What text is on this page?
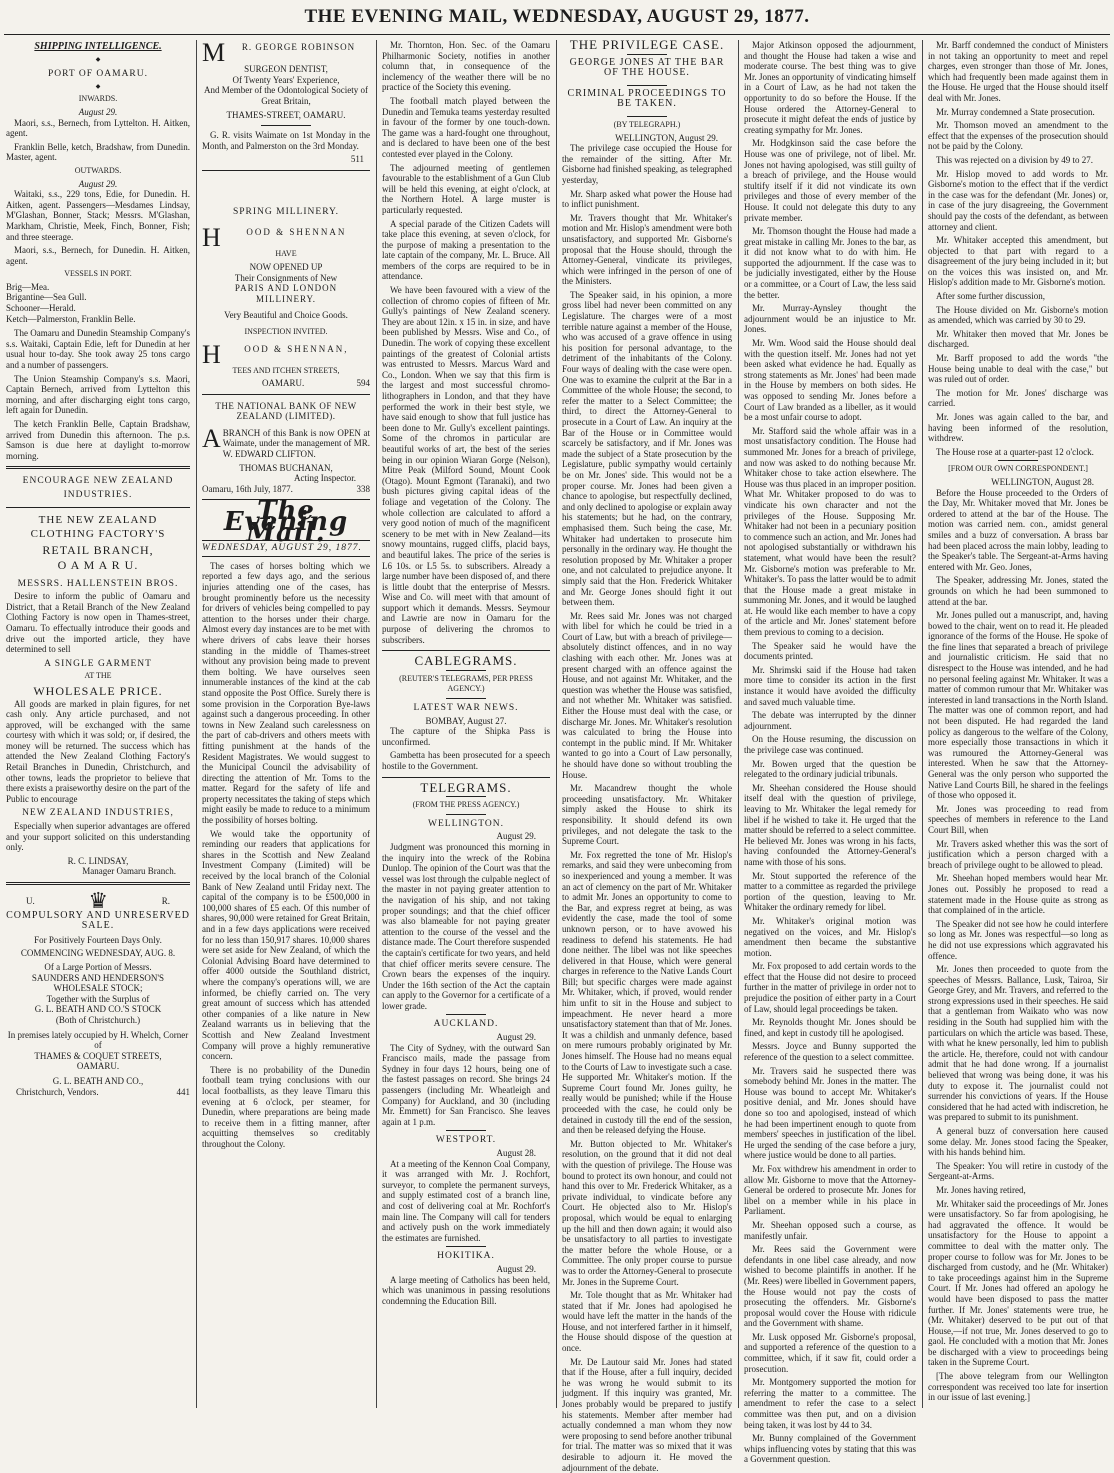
THE EVENING MAIL, WEDNESDAY, AUGUST 29, 1877.
SHIPPING INTELLIGENCE.
◆
PORT OF OAMARU.
◆
INWARDS.
August 29.

Maori, s.s., Bernech, from Lyttelton. H. Aitken, agent.

Franklin Belle, ketch, Bradshaw, from Dunedin. Master, agent.

OUTWARDS.
August 29.

Waitaki, s.s., 229 tons, Edie, for Dunedin. H. Aitken, agent. Passengers—Mesdames Lindsay, M'Glashan, Bonner, Stack; Messrs. M'Glashan, Markham, Christie, Meek, Finch, Bonner, Fish; and three steerage.

Maori, s.s., Bernech, for Dunedin. H. Aitken, agent.

VESSELS IN PORT.
Brig—Mea.
Brigantine—Sea Gull.
Schooner—Herald.
Ketch—Palmerston, Franklin Belle.

The Oamaru and Dunedin Steamship Company's s.s. Waitaki, Captain Edie, left for Dunedin at her usual hour to-day. She took away 25 tons cargo and a number of passengers.

The Union Steamship Company's s.s. Maori, Captain Bernech, arrived from Lyttelton this morning, and after discharging eight tons cargo, left again for Dunedin.

The ketch Franklin Belle, Captain Bradshaw, arrived from Dunedin this afternoon. The p.s. Samson is due here at daylight to-morrow morning.

ENCOURAGE NEW ZEALAND INDUSTRIES.
THE NEW ZEALAND CLOTHING FACTORY'S
RETAIL BRANCH,
O A M A R U.
MESSRS. HALLENSTEIN BROS.

Desire to inform the public of Oamaru and District, that a Retail Branch of the New Zealand Clothing Factory is now open in Thames-street, Oamaru. To effectually introduce their goods and drive out the imported article, they have determined to sell

A SINGLE GARMENT
AT THE
WHOLESALE PRICE.

All goods are marked in plain figures, for net cash only. Any article purchased, and not approved, will be exchanged with the same courtesy with which it was sold; or, if desired, the money will be returned. The success which has attended the New Zealand Clothing Factory's Retail Branches in Dunedin, Christchurch, and other towns, leads the proprietor to believe that there exists a praiseworthy desire on the part of the Public to encourage

NEW ZEALAND INDUSTRIES,

Especially when superior advantages are offered and your support solicited on this understanding only.

R. C. LINDSAY,
Manager Oamaru Branch.
U. ♛	R.
COMPULSORY AND UNRESERVED SALE.
For Positively Fourteen Days Only.
COMMENCING WEDNESDAY, AUG. 8.
Of a Large Portion of Messrs.
SAUNDERS AND HENDERSON'S
WHOLESALE STOCK;
Together with the Surplus of
G. L. BEATH AND CO.'S STOCK
(Both of Christchurch.)
In premises lately occupied by H. Whelch, Corner of
THAMES & COQUET STREETS,
OAMARU.
G. L. BEATH AND CO.,
Christchurch, Vendors.	441
M	R. GEORGE ROBINSON
SURGEON DENTIST,
Of Twenty Years' Experience,
And Member of the Odontological Society of Great Britain,
THAMES-STREET, OAMARU.

G. R. visits Waimate on 1st Monday in the Month, and Palmerston on the 3rd Monday.

511
SPRING MILLINERY.
H	OOD & SHENNAN
HAVE
NOW OPENED UP
Their Consignments of New
PARIS AND LONDON
MILLINERY.
Very Beautiful and Choice Goods.
INSPECTION INVITED.
H	OOD & SHENNAN,
TEES AND ITCHEN STREETS,
OAMARU.	594
THE NATIONAL BANK OF NEW ZEALAND (LIMITED).
A BRANCH of this Bank is now OPEN at Waimate, under the management of MR. W. EDWARD CLIFTON.

THOMAS BUCHANAN,
Acting Inspector.
Oamaru, 16th July, 1877.	338
The Evening Mail.
WEDNESDAY, AUGUST 29, 1877.

The cases of horses bolting which we reported a few days ago, and the serious injuries attending one of the cases, has brought prominently before us the necessity for drivers of vehicles being compelled to pay attention to the horses under their charge. Almost every day instances are to be met with where drivers of cabs leave their horses standing in the middle of Thames-street without any provision being made to prevent them bolting. We have ourselves seen innumerable instances of the kind at the cab stand opposite the Post Office. Surely there is some provision in the Corporation Bye-laws against such a dangerous proceeding. In other towns in New Zealand such carelessness on the part of cab-drivers and others meets with fitting punishment at the hands of the Resident Magistrates. We would suggest to the Municipal Council the advisability of directing the attention of Mr. Toms to the matter. Regard for the safety of life and property necessitates the taking of steps which might easily be made to reduce to a minimum the possibility of horses bolting.

We would take the opportunity of reminding our readers that applications for shares in the Scottish and New Zealand Investment Company (Limited) will be received by the local branch of the Colonial Bank of New Zealand until Friday next. The capital of the company is to be £500,000 in 100,000 shares of £5 each. Of this number of shares, 90,000 were retained for Great Britain, and in a few days applications were received for no less than 150,917 shares. 10,000 shares were set aside for New Zealand, of which the Colonial Advising Board have determined to offer 4000 outside the Southland district, where the company's operations will, we are informed, be chiefly carried on. The very great amount of success which has attended other companies of a like nature in New Zealand warrants us in believing that the Scottish and New Zealand Investment Company will prove a highly remunerative concern.

There is no probability of the Dunedin football team trying conclusions with our local footballists, as they leave Timaru this evening at 6 o'clock, per steamer, for Dunedin, where preparations are being made to receive them in a fitting manner, after acquitting themselves so creditably throughout the Colony.

Mr. Thornton, Hon. Sec. of the Oamaru Philharmonic Society, notifies in another column that, in consequence of the inclemency of the weather there will be no practice of the Society this evening.

The football match played between the Dunedin and Temuka teams yesterday resulted in favour of the former by one touch-down. The game was a hard-fought one throughout, and is declared to have been one of the best contested ever played in the Colony.

The adjourned meeting of gentlemen favourable to the establishment of a Gun Club will be held this evening, at eight o'clock, at the Northern Hotel. A large muster is particularly requested.

A special parade of the Citizen Cadets will take place this evening, at seven o'clock, for the purpose of making a presentation to the late captain of the company, Mr. L. Bruce. All members of the corps are required to be in attendance.

We have been favoured with a view of the collection of chromo copies of fifteen of Mr. Gully's paintings of New Zealand scenery. They are about 12in. x 15 in. in size, and have been published by Messrs. Wise and Co., of Dunedin. The work of copying these excellent paintings of the greatest of Colonial artists was entrusted to Messrs. Marcus Ward and Co., London. When we say that this firm is the largest and most successful chromo-lithographers in London, and that they have performed the work in their best style, we have said enough to show that full justice has been done to Mr. Gully's excellent paintings. Some of the chromos in particular are beautiful works of art, the best of the series being in our opinion Wiaran Gorge (Nelson), Mitre Peak (Milford Sound, Mount Cook (Otago). Mount Egmont (Taranaki), and two bush pictures giving capital ideas of the foliage and vegetation of the Colony. The whole collection are calculated to afford a very good notion of much of the magnificent scenery to be met with in New Zealand—its snowy mountains, rugged cliffs, placid bays, and beautiful lakes. The price of the series is L6 10s. or L5 5s. to subscribers. Already a large number have been disposed of, and there is little doubt that the enterprise of Messrs. Wise and Co. will meet with that amount of support which it demands. Messrs. Seymour and Lawrie are now in Oamaru for the purpose of delivering the chromos to subscribers.

CABLEGRAMS.
(REUTER'S TELEGRAMS, PER PRESS AGENCY.)
LATEST WAR NEWS.
BOMBAY, August 27.

The capture of the Shipka Pass is unconfirmed.

Gambetta has been prosecuted for a speech hostile to the Government.

TELEGRAMS.
(FROM THE PRESS AGENCY.)
WELLINGTON.
August 29.

Judgment was pronounced this morning in the inquiry into the wreck of the Robina Dunlop. The opinion of the Court was that the vessel was lost through the culpable neglect of the master in not paying greater attention to the navigation of his ship, and not taking proper soundings; and that the chief officer was also blameable for not paying greater attention to the course of the vessel and the distance made. The Court therefore suspended the captain's certificate for two years, and held that chief officer merits severe censure. The Crown bears the expenses of the inquiry. Under the 16th section of the Act the captain can apply to the Governor for a certificate of a lower grade.

AUCKLAND.
August 29.

The City of Sydney, with the outward San Francisco mails, made the passage from Sydney in four days 12 hours, being one of the fastest passages on record. She brings 24 passengers (including Mr. Wheatleigh and Company) for Auckland, and 30 (including Mr. Emmett) for San Francisco. She leaves again at 1 p.m.

WESTPORT.
August 28.

At a meeting of the Kennon Coal Company, it was arranged with Mr. J. Rochfort, surveyor, to complete the permanent surveys, and supply estimated cost of a branch line, and cost of delivering coal at Mr. Rochfort's main line. The Company will call for tenders and actively push on the work immediately the estimates are furnished.

HOKITIKA.
August 29.

A large meeting of Catholics has been held, which was unanimous in passing resolutions condemning the Education Bill.

THE PRIVILEGE CASE.
GEORGE JONES AT THE BAR OF THE HOUSE.
CRIMINAL PROCEEDINGS TO BE TAKEN.
(BY TELEGRAPH.)
WELLINGTON, August 29.

The privilege case occupied the House for the remainder of the sitting. After Mr. Gisborne had finished speaking, as telegraphed yesterday,

Mr. Sharp asked what power the House had to inflict punishment.

Mr. Travers thought that Mr. Whitaker's motion and Mr. Hislop's amendment were both unsatisfactory, and supported Mr. Gisborne's proposal that the House should, through the Attorney-General, vindicate its privileges, which were infringed in the person of one of the Ministers.

The Speaker said, in his opinion, a more gross libel had never been committed on any Legislature. The charges were of a most terrible nature against a member of the House, who was accused of a grave offence in using his position for personal advantage, to the detriment of the inhabitants of the Colony. Four ways of dealing with the case were open. One was to examine the culprit at the Bar in a Committee of the whole House; the second, to refer the matter to a Select Committee; the third, to direct the Attorney-General to prosecute in a Court of Law. An inquiry at the Bar of the House or in Committee would scarcely be satisfactory, and if Mr. Jones was made the subject of a State prosecution by the Legislature, public sympathy would certainly be on Mr. Jones' side. This would not be a proper course. Mr. Jones had been given a chance to apologise, but respectfully declined, and only declined to apologise or explain away his statements; but he had, on the contrary, emphasised them. Such being the case, Mr. Whitaker had undertaken to prosecute him personally in the ordinary way. He thought the resolution proposed by Mr. Whitaker a proper one, and not calculated to prejudice anyone. It simply said that the Hon. Frederick Whitaker and Mr. George Jones should fight it out between them.

Mr. Rees said Mr. Jones was not charged with libel for which he could be tried in a Court of Law, but with a breach of privilege—absolutely distinct offences, and in no way clashing with each other. Mr. Jones was at present charged with an offence against the House, and not against Mr. Whitaker, and the question was whether the House was satisfied, and not whether Mr. Whitaker was satisfied. Either the House must deal with the case, or discharge Mr. Jones. Mr. Whitaker's resolution was calculated to bring the House into contempt in the public mind. If Mr. Whitaker wanted to go into a Court of Law personally, he should have done so without troubling the House.

Mr. Macandrew thought the whole proceeding unsatisfactory. Mr. Whitaker simply asked the House to shirk its responsibility. It should defend its own privileges, and not delegate the task to the Supreme Court.

Mr. Fox regretted the tone of Mr. Hislop's remarks, and said they were unbecoming from so inexperienced and young a member. It was an act of clemency on the part of Mr. Whitaker to admit Mr. Jones an opportunity to come to the Bar, and express regret at being, as was evidently the case, made the tool of some unknown person, or to have avowed his readiness to defend his statements. He had done neither. The libel was not like speeches delivered in that House, which were general charges in reference to the Native Lands Court Bill; but specific charges were made against Mr. Whitaker, which, if proved, would render him unfit to sit in the House and subject to impeachment. He never heard a more unsatisfactory statement than that of Mr. Jones. It was a childish and unmanly defence, based on mere rumours probably originated by Mr. Jones himself. The House had no means equal to the Courts of Law to investigate such a case. He supported Mr. Whitaker's motion. If the Supreme Court found Mr. Jones guilty, he really would be punished; while if the House proceeded with the case, he could only be detained in custody till the end of the session, and then be released defying the House.

Mr. Button objected to Mr. Whitaker's resolution, on the ground that it did not deal with the question of privilege. The House was bound to protect its own honour, and could not hand this over to Mr. Frederick Whitaker, as a private individual, to vindicate before any Court. He objected also to Mr. Hislop's proposal, which would be equal to enlarging up the hill and then down again; it would also be unsatisfactory to all parties to investigate the matter before the whole House, or a Committee. The only proper course to pursue was to order the Attorney-General to prosecute Mr. Jones in the Supreme Court.

Mr. Tole thought that as Mr. Whitaker had stated that if Mr. Jones had apologised he would have left the matter in the hands of the House, and not interfered farther in it himself, the House should dispose of the question at once.

Mr. De Lautour said Mr. Jones had stated that if the House, after a full inquiry, decided he was wrong he would submit to its judgment. If this inquiry was granted, Mr. Jones probably would be prepared to justify his statements. Member after member had actually condemned a man whom they now were proposing to send before another tribunal for trial. The matter was so mixed that it was desirable to adjourn it. He moved the adjournment of the debate.

Major Atkinson opposed the adjournment, and thought the House had taken a wise and moderate course. The best thing was to give Mr. Jones an opportunity of vindicating himself in a Court of Law, as he had not taken the opportunity to do so before the House. If the House ordered the Attorney-General to prosecute it might defeat the ends of justice by creating sympathy for Mr. Jones.

Mr. Hodgkinson said the case before the House was one of privilege, not of libel. Mr. Jones not having apologised, was still guilty of a breach of privilege, and the House would stultify itself if it did not vindicate its own privileges and those of every member of the House. It could not delegate this duty to any private member.

Mr. Thomson thought the House had made a great mistake in calling Mr. Jones to the bar, as it did not know what to do with him. He supported the adjournment. If the case was to be judicially investigated, either by the House or a committee, or a Court of Law, the less said the better.

Mr. Murray-Aynsley thought the adjournment would be an injustice to Mr. Jones.

Mr. Wm. Wood said the House should deal with the question itself. Mr. Jones had not yet been asked what evidence he had. Equally as strong statements as Mr. Jones' had been made in the House by members on both sides. He was opposed to sending Mr. Jones before a Court of Law branded as a libeller, as it would be a most unfair course to adopt.

Mr. Stafford said the whole affair was in a most unsatisfactory condition. The House had summoned Mr. Jones for a breach of privilege, and now was asked to do nothing because Mr. Whitaker chose to take action elsewhere. The House was thus placed in an improper position. What Mr. Whitaker proposed to do was to vindicate his own character and not the privileges of the House. Supposing Mr. Whitaker had not been in a pecuniary position to commence such an action, and Mr. Jones had not apologised substantially or withdrawn his statement, what would have been the result? Mr. Gisborne's motion was preferable to Mr. Whitaker's. To pass the latter would be to admit that the House made a great mistake in summoning Mr. Jones, and it would be laughed at. He would like each member to have a copy of the article and Mr. Jones' statement before them previous to coming to a decision.

The Speaker said he would have the documents printed.

Mr. Shrimski said if the House had taken more time to consider its action in the first instance it would have avoided the difficulty and saved much valuable time.

The debate was interrupted by the dinner adjournment.

On the House resuming, the discussion on the privilege case was continued.

Mr. Bowen urged that the question be relegated to the ordinary judicial tribunals.

Mr. Sheehan considered the House should itself deal with the question of privilege, leaving to Mr. Whitaker the legal remedy for libel if he wished to take it. He urged that the matter should be referred to a select committee. He believed Mr. Jones was wrong in his facts, having confounded the Attorney-General's name with those of his sons.

Mr. Stout supported the reference of the matter to a committee as regarded the privilege portion of the question, leaving to Mr. Whitaker the ordinary remedy for libel.

Mr. Whitaker's original motion was negatived on the voices, and Mr. Hislop's amendment then became the substantive motion.

Mr. Fox proposed to add certain words to the effect that the House did not desire to proceed further in the matter of privilege in order not to prejudice the position of either party in a Court of Law, should legal proceedings be taken.

Mr. Reynolds thought Mr. Jones should be fined, and kept in custody till he apologised.

Messrs. Joyce and Bunny supported the reference of the question to a select committee.

Mr. Travers said he suspected there was somebody behind Mr. Jones in the matter. The House was bound to accept Mr. Whitaker's positive denial, and Mr. Jones should have done so too and apologised, instead of which he had been impertinent enough to quote from members' speeches in justification of the libel. He urged the sending of the case before a jury, where justice would be done to all parties.

Mr. Fox withdrew his amendment in order to allow Mr. Gisborne to move that the Attorney-General be ordered to prosecute Mr. Jones for libel on a member while in his place in Parliament.

Mr. Sheehan opposed such a course, as manifestly unfair.

Mr. Rees said the Government were defendants in one libel case already, and now wished to become plaintiffs in another. If he (Mr. Rees) were libelled in Government papers, the House would not pay the costs of prosecuting the offenders. Mr. Gisborne's proposal would cover the House with ridicule and the Government with shame.

Mr. Lusk opposed Mr. Gisborne's proposal, and supported a reference of the question to a committee, which, if it saw fit, could order a prosecution.

Mr. Montgomery supported the motion for referring the matter to a committee. The amendment to refer the case to a select committee was then put, and on a division being taken, it was lost by 44 to 34.

Mr. Bunny complained of the Government whips influencing votes by stating that this was a Government question.

Mr. Barff condemned the conduct of Ministers in not taking an opportunity to meet and repel charges, even stronger than those of Mr. Jones, which had frequently been made against them in the House. He urged that the House should itself deal with Mr. Jones.

Mr. Murray condemned a State prosecution.

Mr. Thomson moved an amendment to the effect that the expenses of the prosecution should not be paid by the Colony.

This was rejected on a division by 49 to 27.

Mr. Hislop moved to add words to Mr. Gisborne's motion to the effect that if the verdict in the case was for the defendant (Mr. Jones) or, in case of the jury disagreeing, the Government should pay the costs of the defendant, as between attorney and client.

Mr. Whitaker accepted this amendment, but objected to that part with regard to a disagreement of the jury being included in it; but on the voices this was insisted on, and Mr. Hislop's addition made to Mr. Gisborne's motion.

After some further discussion,

The House divided on Mr. Gisborne's motion as amended, which was carried by 30 to 29.

Mr. Whitaker then moved that Mr. Jones be discharged.

Mr. Barff proposed to add the words "the House being unable to deal with the case," but was ruled out of order.

The motion for Mr. Jones' discharge was carried.

Mr. Jones was again called to the bar, and having been informed of the resolution, withdrew.

The House rose at a quarter-past 12 o'clock.

[FROM OUR OWN CORRESPONDENT.]
WELLINGTON, August 28.

Before the House proceeded to the Orders of the Day, Mr. Whitaker moved that Mr. Jones be ordered to attend at the bar of the House. The motion was carried nem. con., amidst general smiles and a buzz of conversation. A brass bar had been placed across the main lobby, leading to the Speaker's table. The Sergeant-at-Arms having entered with Mr. Geo. Jones,

The Speaker, addressing Mr. Jones, stated the grounds on which he had been summoned to attend at the bar.

Mr. Jones pulled out a manuscript, and, having bowed to the chair, went on to read it. He pleaded ignorance of the forms of the House. He spoke of the fine lines that separated a breach of privilege and journalistic criticism. He said that no disrespect to the House was intended, and he had no personal feeling against Mr. Whitaker. It was a matter of common rumour that Mr. Whitaker was interested in land transactions in the North Island. The matter was one of common report, and had not been disputed. He had regarded the land policy as dangerous to the welfare of the Colony, more especially those transactions in which it was rumoured the Attorney-General was interested. When he saw that the Attorney-General was the only person who supported the Native Land Courts Bill, he shared in the feelings of those who opposed it.

Mr. Jones was proceeding to read from speeches of members in reference to the Land Court Bill, when

Mr. Travers asked whether this was the sort of justification which a person charged with a breach of privilege ought to be allowed to plead.

Mr. Sheehan hoped members would hear Mr. Jones out. Possibly he proposed to read a statement made in the House quite as strong as that complained of in the article.

The Speaker did not see how he could interfere so long as Mr. Jones was respectful—so long as he did not use expressions which aggravated his offence.

Mr. Jones then proceeded to quote from the speeches of Messrs. Ballance, Lusk, Tairoa, Sir George Grey, and Mr. Travers, and referred to the strong expressions used in their speeches. He said that a gentleman from Waikato who was now residing in the South had supplied him with the particulars on which the article was based. These, with what he knew personally, led him to publish the article. He, therefore, could not with candour admit that he had done wrong. If a journalist believed that wrong was being done, it was his duty to expose it. The journalist could not surrender his convictions of years. If the House considered that he had acted with indiscretion, he was prepared to submit to its punishment.

A general buzz of conversation here caused some delay. Mr. Jones stood facing the Speaker, with his hands behind him.

The Speaker: You will retire in custody of the Sergeant-at-Arms.

Mr. Jones having retired,

Mr. Whitaker said the proceedings of Mr. Jones were unsatisfactory. So far from apologising, he had aggravated the offence. It would be unsatisfactory for the House to appoint a committee to deal with the matter only. The proper course to follow was for Mr. Jones to be discharged from custody, and he (Mr. Whitaker) to take proceedings against him in the Supreme Court. If Mr. Jones had offered an apology he would have been disposed to pass the matter further. If Mr. Jones' statements were true, he (Mr. Whitaker) deserved to be put out of that House,—if not true, Mr. Jones deserved to go to gaol. He concluded with a motion that Mr. Jones be discharged with a view to proceedings being taken in the Supreme Court.

[The above telegram from our Wellington correspondent was received too late for insertion in our issue of last evening.]
